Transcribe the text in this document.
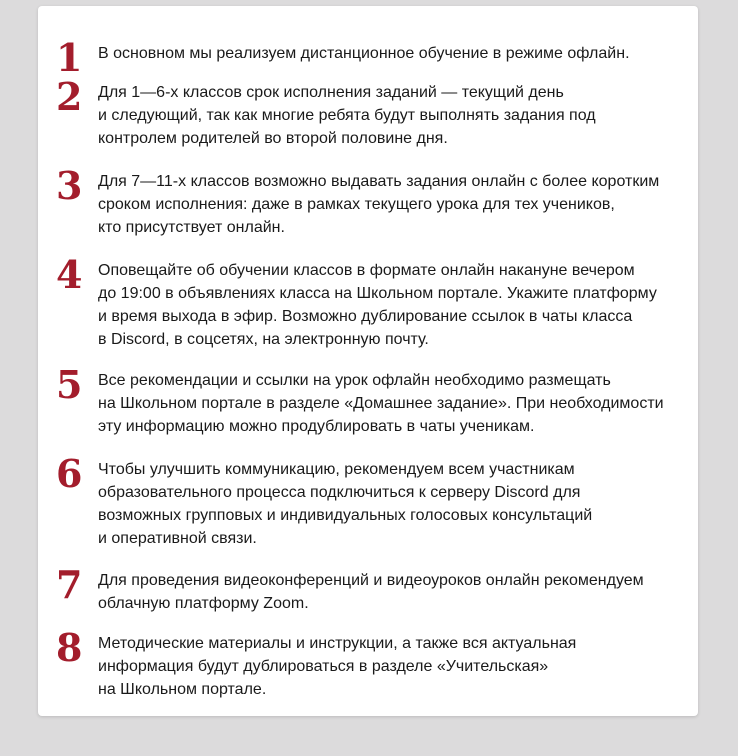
1 В основном мы реализуем дистанционное обучение в режиме офлайн.
2 Для 1—6-х классов срок исполнения заданий — текущий день
и следующий, так как многие ребята будут выполнять задания под
контролем родителей во второй половине дня.
3 Для 7—11-х классов возможно выдавать задания онлайн с более коротким
сроком исполнения: даже в рамках текущего урока для тех учеников,
кто присутствует онлайн.
4 Оповещайте об обучении классов в формате онлайн накануне вечером
до 19:00 в объявлениях класса на Школьном портале. Укажите платформу
и время выхода в эфир. Возможно дублирование ссылок в чаты класса
в Discord, в соцсетях, на электронную почту.
5 Все рекомендации и ссылки на урок офлайн необходимо размещать
на Школьном портале в разделе «Домашнее задание». При необходимости
эту информацию можно продублировать в чаты ученикам.
6 Чтобы улучшить коммуникацию, рекомендуем всем участникам
образовательного процесса подключиться к серверу Discord для
возможных групповых и индивидуальных голосовых консультаций
и оперативной связи.
7 Для проведения видеоконференций и видеоуроков онлайн рекомендуем
облачную платформу Zoom.
8 Методические материалы и инструкции, а также вся актуальная
информация будут дублироваться в разделе «Учительская»
на Школьном портале.
